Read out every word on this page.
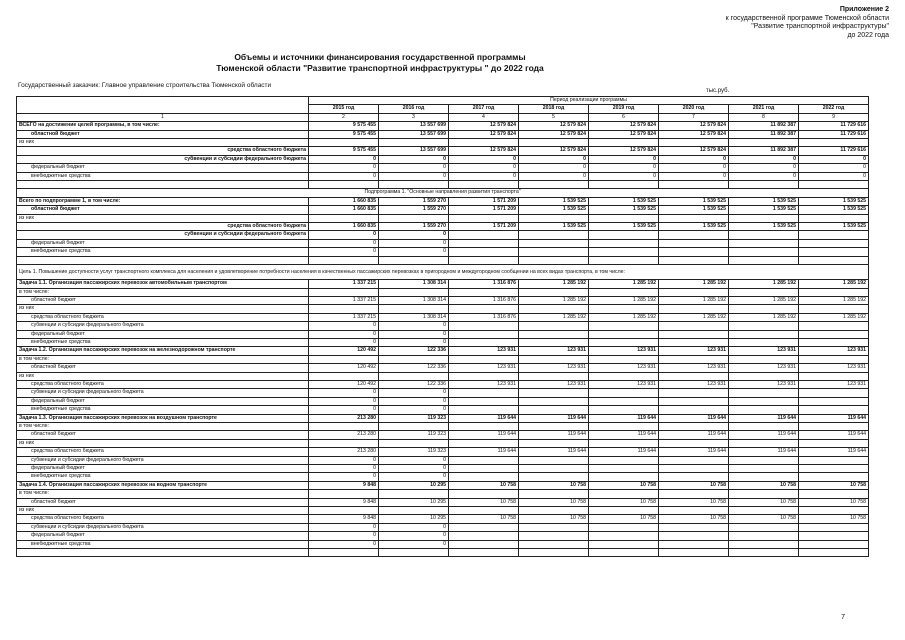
Приложение 2
к государственной программе Тюменской области
"Развитие транспортной инфраструктуры"
до 2022 года
Объемы и источники финансирования государственной программы
Тюменской области "Развитие транспортной инфраструктуры " до 2022 года
Государственный заказчик: Главное управление строительства Тюменской области
тыс.руб.
	Период реализации программы							
	2015 год	2016 год	2017 год	2018 год	2019 год	2020 год	2021 год	2022 год
1	2	3	4	5	6	7	8	9
ВСЕГО на достижение целей программы, в том числе:	9 575 455	13 557 699	12 579 824	12 579 824	12 579 824	12 579 824	11 892 387	11 729 616
областной бюджет	9 575 455	13 557 699	12 579 824	12 579 824	12 579 824	12 579 824	11 892 387	11 729 616
из них								
средства областного бюджета	9 575 455	13 557 699	12 579 824	12 579 824	12 579 824	12 579 824	11 892 387	11 729 616
субвенции и субсидии федерального бюджета	0	0	0	0	0	0	0	0
федеральный бюджет	0	0	0	0	0	0	0	0
внебюджетные средства	0	0	0	0	0	0	0	0

Подпрограмма 1. "Основные направления развития транспорта"								
Всего по подпрограмме 1, в том числе:	1 660 835	1 559 270	1 571 209	1 539 525	1 539 525	1 539 525	1 539 525	1 539 525
областной бюджет	1 660 835	1 559 270	1 571 209	1 539 525	1 539 525	1 539 525	1 539 525	1 539 525
из них								
средства областного бюджета	1 660 835	1 559 270	1 571 209	1 539 525	1 539 525	1 539 525	1 539 525	1 539 525
субвенции и субсидии федерального бюджета	0	0						
федеральный бюджет	0	0						
внебюджетные средства	0	0						

Цель 1. Повышение доступности услуг транспортного комплекса для населения и удовлетворение потребности населения в качественных пассажирских перевозках в пригородном и междугородном сообщении на всех видах транспорта, в том числе:								
Задача 1.1. Организация пассажирских перевозок автомобильным транспортом	1 337 215	1 308 314	1 316 876	1 285 192	1 285 192	1 285 192	1 285 192	1 285 192
в том числе:								
областной бюджет	1 337 215	1 308 314	1 316 876	1 285 192	1 285 192	1 285 192	1 285 192	1 285 192
из них								
средства областного бюджета	1 337 215	1 308 314	1 316 876	1 285 192	1 285 192	1 285 192	1 285 192	1 285 192
субвенции и субсидии федерального бюджета	0	0						
федеральный бюджет	0	0						
внебюджетные средства	0	0						
Задача 1.2. Организация пассажирских перевозок на железнодорожном транспорте	120 492	122 336	123 931	123 931	123 931	123 931	123 931	123 931
в том числе:								
областной бюджет	120 492	122 336	123 931	123 931	123 931	123 931	123 931	123 931
из них								
средства областного бюджета	120 492	122 336	123 931	123 931	123 931	123 931	123 931	123 931
субвенции и субсидии федерального бюджета	0	0						
федеральный бюджет	0	0						
внебюджетные средства	0	0						
Задача 1.3. Организация пассажирских перевозок на воздушном транспорте	213 280	119 323	119 644	119 644	119 644	119 644	119 644	119 644
в том числе:								
областной бюджет	213 280	119 323	119 644	119 644	119 644	119 644	119 644	119 644
из них								
средства областного бюджета	213 280	119 323	119 644	119 644	119 644	119 644	119 644	119 644
субвенции и субсидии федерального бюджета	0	0						
федеральный бюджет	0	0						
внебюджетные средства	0	0						
Задача 1.4. Организация пассажирских перевозок на водном транспорте	9 848	10 295	10 758	10 758	10 758	10 758	10 758	10 758
в том числе:								
областной бюджет	9 848	10 295	10 758	10 758	10 758	10 758	10 758	10 758
из них								
средства областного бюджета	9 848	10 295	10 758	10 758	10 758	10 758	10 758	10 758
субвенции и субсидии федерального бюджета	0	0						
федеральный бюджет	0	0						
внебюджетные средства	0	0						

7
